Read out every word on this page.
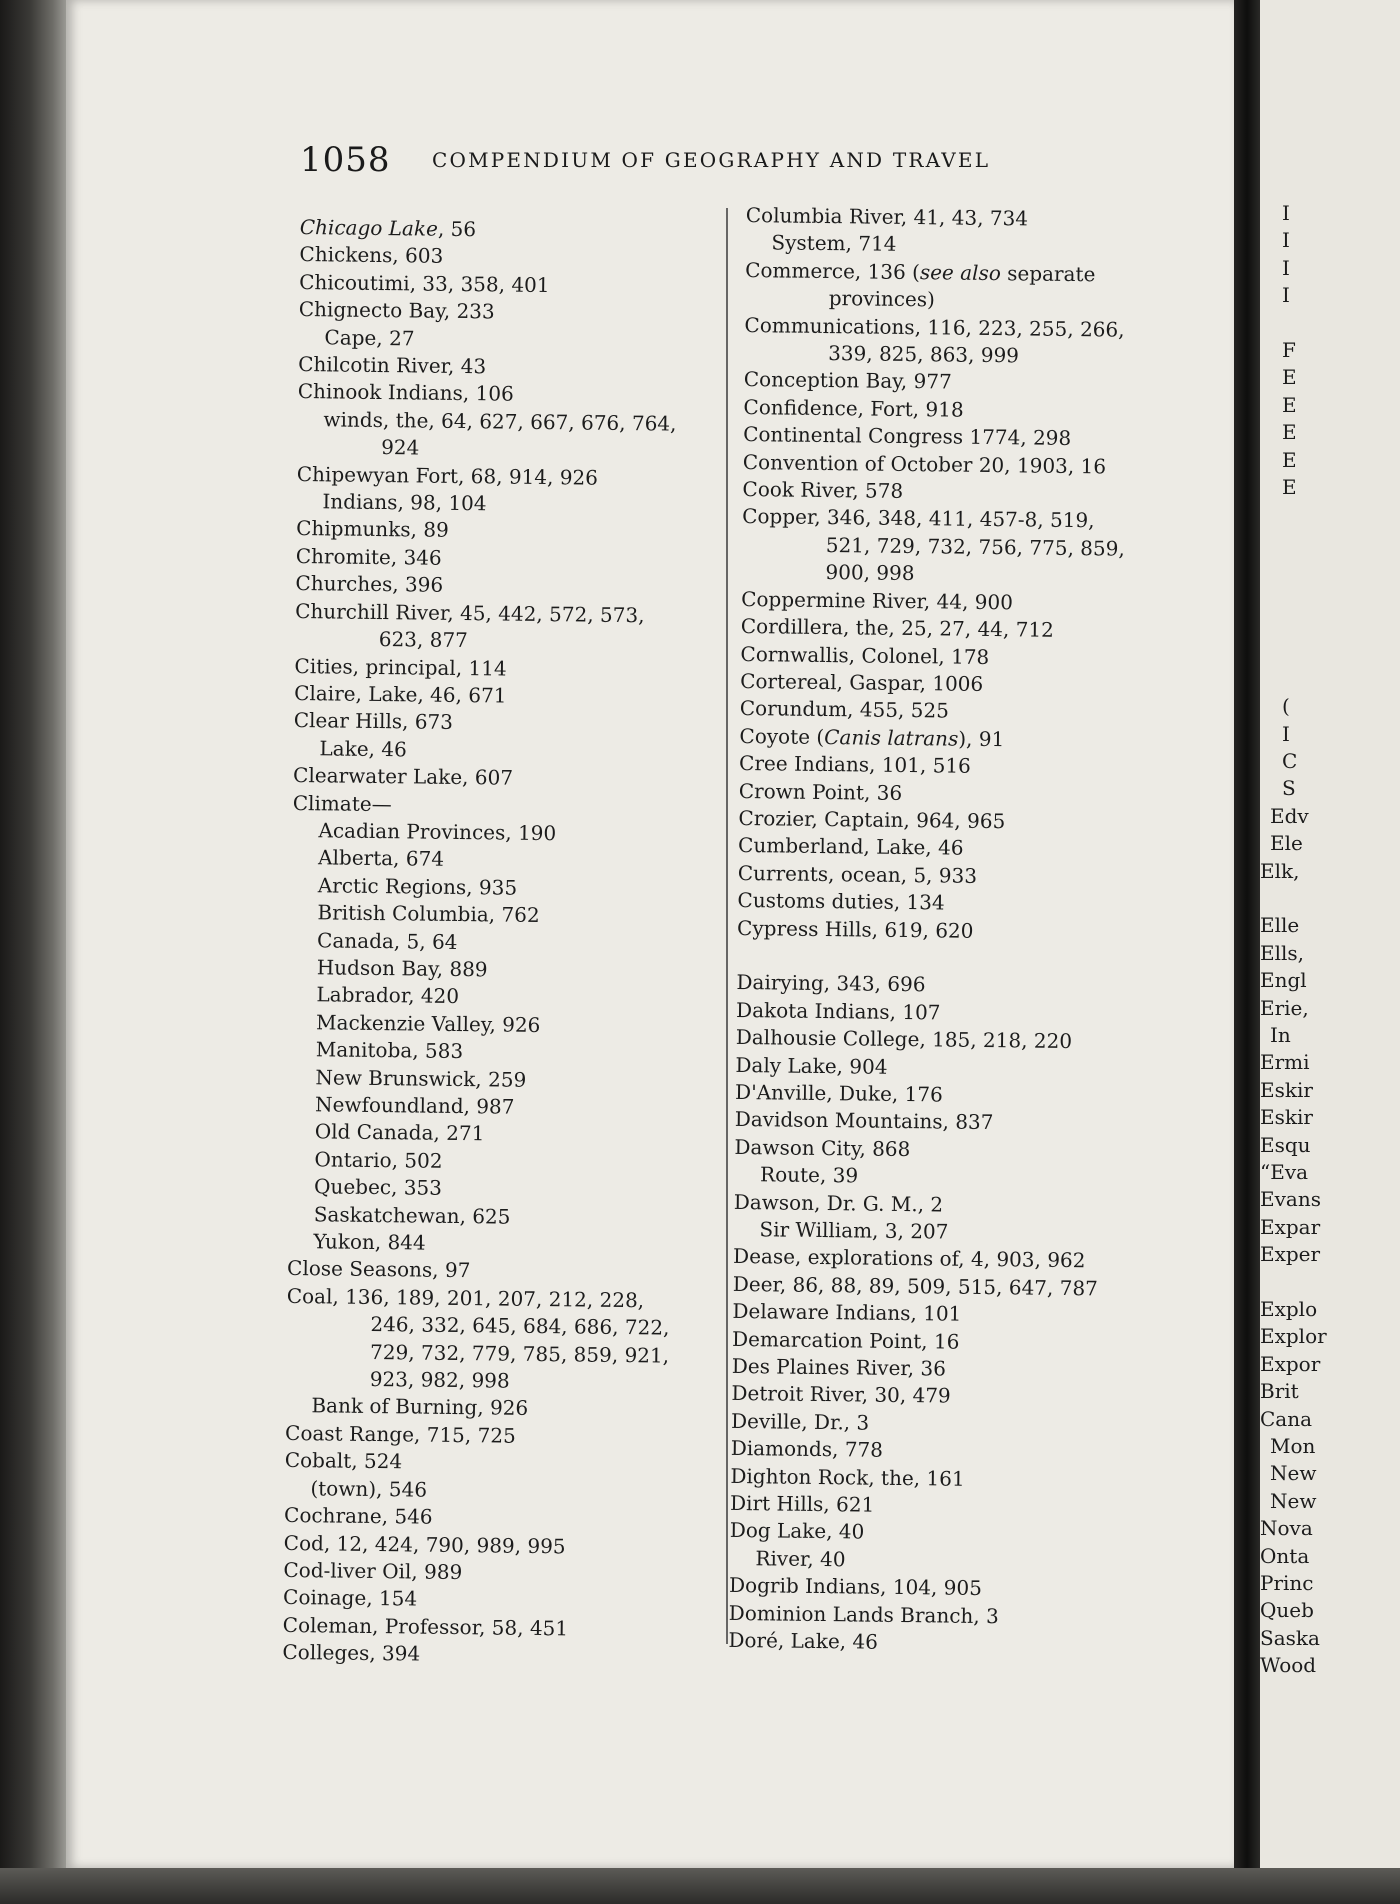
1058 COMPENDIUM OF GEOGRAPHY AND TRAVEL
Chicago Lake, 56
Chickens, 603
Chicoutimi, 33, 358, 401
Chignecto Bay, 233
Cape, 27
Chilcotin River, 43
Chinook Indians, 106
winds, the, 64, 627, 667, 676, 764,
924
Chipewyan Fort, 68, 914, 926
Indians, 98, 104
Chipmunks, 89
Chromite, 346
Churches, 396
Churchill River, 45, 442, 572, 573,
623, 877
Cities, principal, 114
Claire, Lake, 46, 671
Clear Hills, 673
Lake, 46
Clearwater Lake, 607
Climate—
Acadian Provinces, 190
Alberta, 674
Arctic Regions, 935
British Columbia, 762
Canada, 5, 64
Hudson Bay, 889
Labrador, 420
Mackenzie Valley, 926
Manitoba, 583
New Brunswick, 259
Newfoundland, 987
Old Canada, 271
Ontario, 502
Quebec, 353
Saskatchewan, 625
Yukon, 844
Close Seasons, 97
Coal, 136, 189, 201, 207, 212, 228,
246, 332, 645, 684, 686, 722,
729, 732, 779, 785, 859, 921,
923, 982, 998
Bank of Burning, 926
Coast Range, 715, 725
Cobalt, 524
(town), 546
Cochrane, 546
Cod, 12, 424, 790, 989, 995
Cod-liver Oil, 989
Coinage, 154
Coleman, Professor, 58, 451
Colleges, 394
Columbia River, 41, 43, 734
System, 714
Commerce, 136 (see also separate
provinces)
Communications, 116, 223, 255, 266,
339, 825, 863, 999
Conception Bay, 977
Confidence, Fort, 918
Continental Congress 1774, 298
Convention of October 20, 1903, 16
Cook River, 578
Copper, 346, 348, 411, 457-8, 519,
521, 729, 732, 756, 775, 859,
900, 998
Coppermine River, 44, 900
Cordillera, the, 25, 27, 44, 712
Cornwallis, Colonel, 178
Cortereal, Gaspar, 1006
Corundum, 455, 525
Coyote (Canis latrans), 91
Cree Indians, 101, 516
Crown Point, 36
Crozier, Captain, 964, 965
Cumberland, Lake, 46
Currents, ocean, 5, 933
Customs duties, 134
Cypress Hills, 619, 620
Dairying, 343, 696
Dakota Indians, 107
Dalhousie College, 185, 218, 220
Daly Lake, 904
D'Anville, Duke, 176
Davidson Mountains, 837
Dawson City, 868
Route, 39
Dawson, Dr. G. M., 2
Sir William, 3, 207
Dease, explorations of, 4, 903, 962
Deer, 86, 88, 89, 509, 515, 647, 787
Delaware Indians, 101
Demarcation Point, 16
Des Plaines River, 36
Detroit River, 30, 479
Deville, Dr., 3
Diamonds, 778
Dighton Rock, the, 161
Dirt Hills, 621
Dog Lake, 40
River, 40
Dogrib Indians, 104, 905
Dominion Lands Branch, 3
Doré, Lake, 46
I
I
I
I
F
E
E
E
E
E
(
I
C
S
Edv
Ele
Elk,
Elle
Ells,
Engl
Erie,
In
Ermi
Eskir
Eskir
Esqu
“Eva
Evans
Expar
Exper
Explo
Explor
Expor
Brit
Cana
Mon
New
New
Nova
Onta
Princ
Queb
Saska
Wood
